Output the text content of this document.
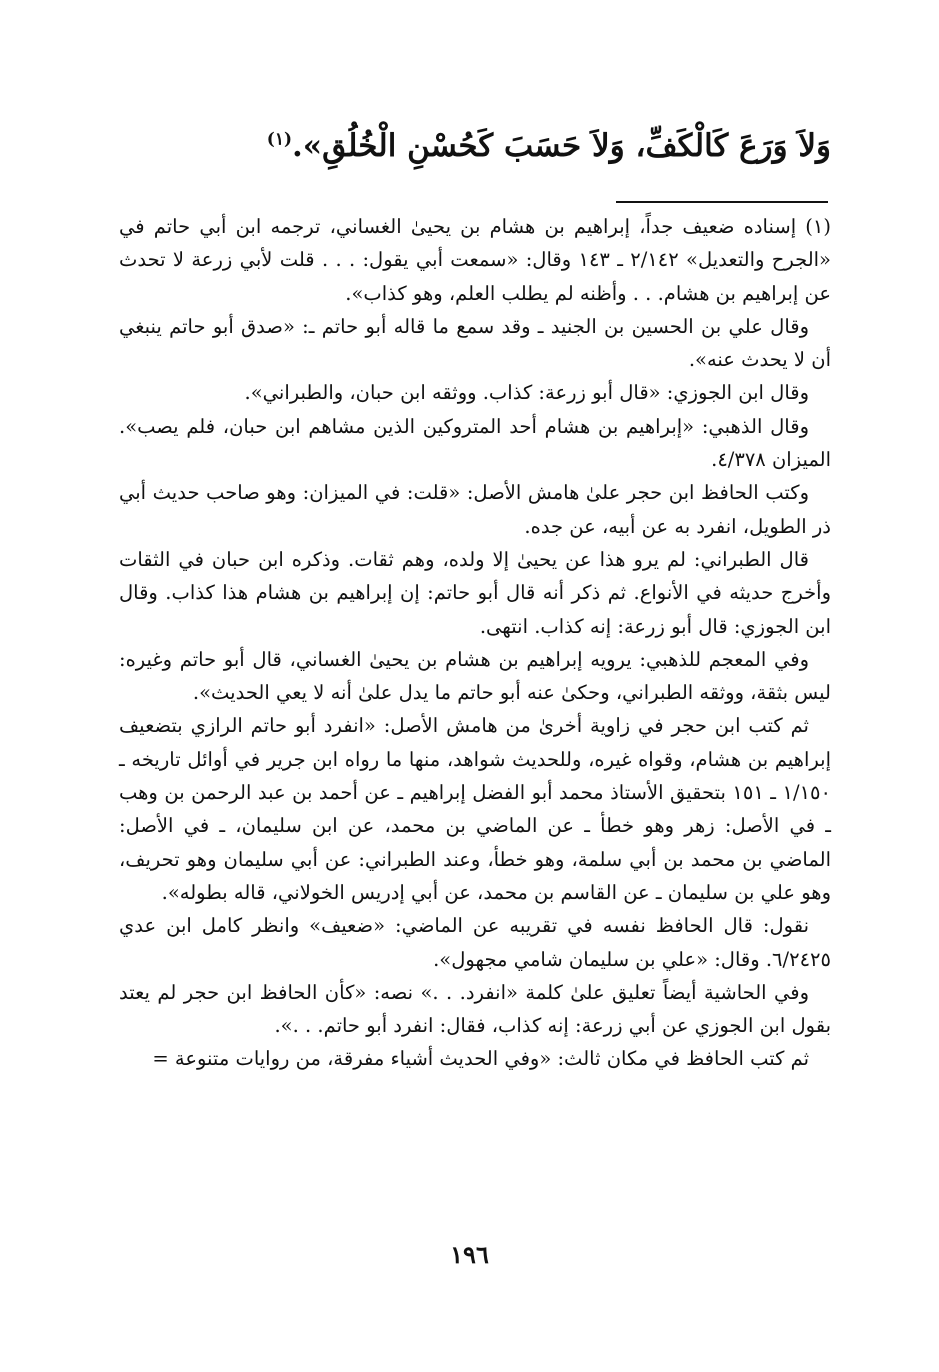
وَلاَ وَرَعَ كَالْكَفِّ، وَلاَ حَسَبَ كَحُسْنِ الْخُلُقِ».$^{(١)}$

(١) إسناده ضعيف جداً، إبراهيم بن هشام بن يحيىٰ الغساني، ترجمه ابن أبي حاتم في «الجرح والتعديل» ٢/١٤٢ ـ ١٤٣ وقال: «سمعت أبي يقول: . . . قلت لأبي زرعة لا تحدث عن إبراهيم بن هشام. . . وأظنه لم يطلب العلم، وهو كذاب».

وقال علي بن الحسين بن الجنيد ـ وقد سمع ما قاله أبو حاتم ـ: «صدق أبو حاتم ينبغي أن لا يحدث عنه».

وقال ابن الجوزي: «قال أبو زرعة: كذاب. ووثقه ابن حبان، والطبراني».

وقال الذهبي: «إبراهيم بن هشام أحد المتروكين الذين مشاهم ابن حبان، فلم يصب». الميزان ٤/٣٧٨.

وكتب الحافظ ابن حجر علىٰ هامش الأصل: «قلت: في الميزان: وهو صاحب حديث أبي ذر الطويل، انفرد به عن أبيه، عن جده.

قال الطبراني: لم يرو هذا عن يحيىٰ إلا ولده، وهم ثقات. وذكره ابن حبان في الثقات وأخرج حديثه في الأنواع. ثم ذكر أنه قال أبو حاتم: إن إبراهيم بن هشام هذا كذاب. وقال ابن الجوزي: قال أبو زرعة: إنه كذاب. انتهى.

وفي المعجم للذهبي: يرويه إبراهيم بن هشام بن يحيىٰ الغساني، قال أبو حاتم وغيره: ليس بثقة، ووثقه الطبراني، وحكىٰ عنه أبو حاتم ما يدل علىٰ أنه لا يعي الحديث».

ثم كتب ابن حجر في زاوية أخرىٰ من هامش الأصل: «انفرد أبو حاتم الرازي بتضعيف إبراهيم بن هشام، وقواه غيره، وللحديث شواهد، منها ما رواه ابن جرير في أوائل تاريخه ـ ١/١٥٠ ـ ١٥١ بتحقيق الأستاذ محمد أبو الفضل إبراهيم ـ عن أحمد بن عبد الرحمن بن وهب ـ في الأصل: زهر وهو خطأ ـ عن الماضي بن محمد، عن ابن سليمان، ـ في الأصل: الماضي بن محمد بن أبي سلمة، وهو خطأ، وعند الطبراني: عن أبي سليمان وهو تحريف، وهو علي بن سليمان ـ عن القاسم بن محمد، عن أبي إدريس الخولاني، قاله بطوله».

نقول: قال الحافظ نفسه في تقريبه عن الماضي: «ضعيف» وانظر كامل ابن عدي ٦/٢٤٢٥. وقال: «علي بن سليمان شامي مجهول».

وفي الحاشية أيضاً تعليق علىٰ كلمة «انفرد. . .» نصه: «كأن الحافظ ابن حجر لم يعتد بقول ابن الجوزي عن أبي زرعة: إنه كذاب، فقال: انفرد أبو حاتم. . .».

ثم كتب الحافظ في مكان ثالث: «وفي الحديث أشياء مفرقة، من روايات متنوعة =

١٩٦
